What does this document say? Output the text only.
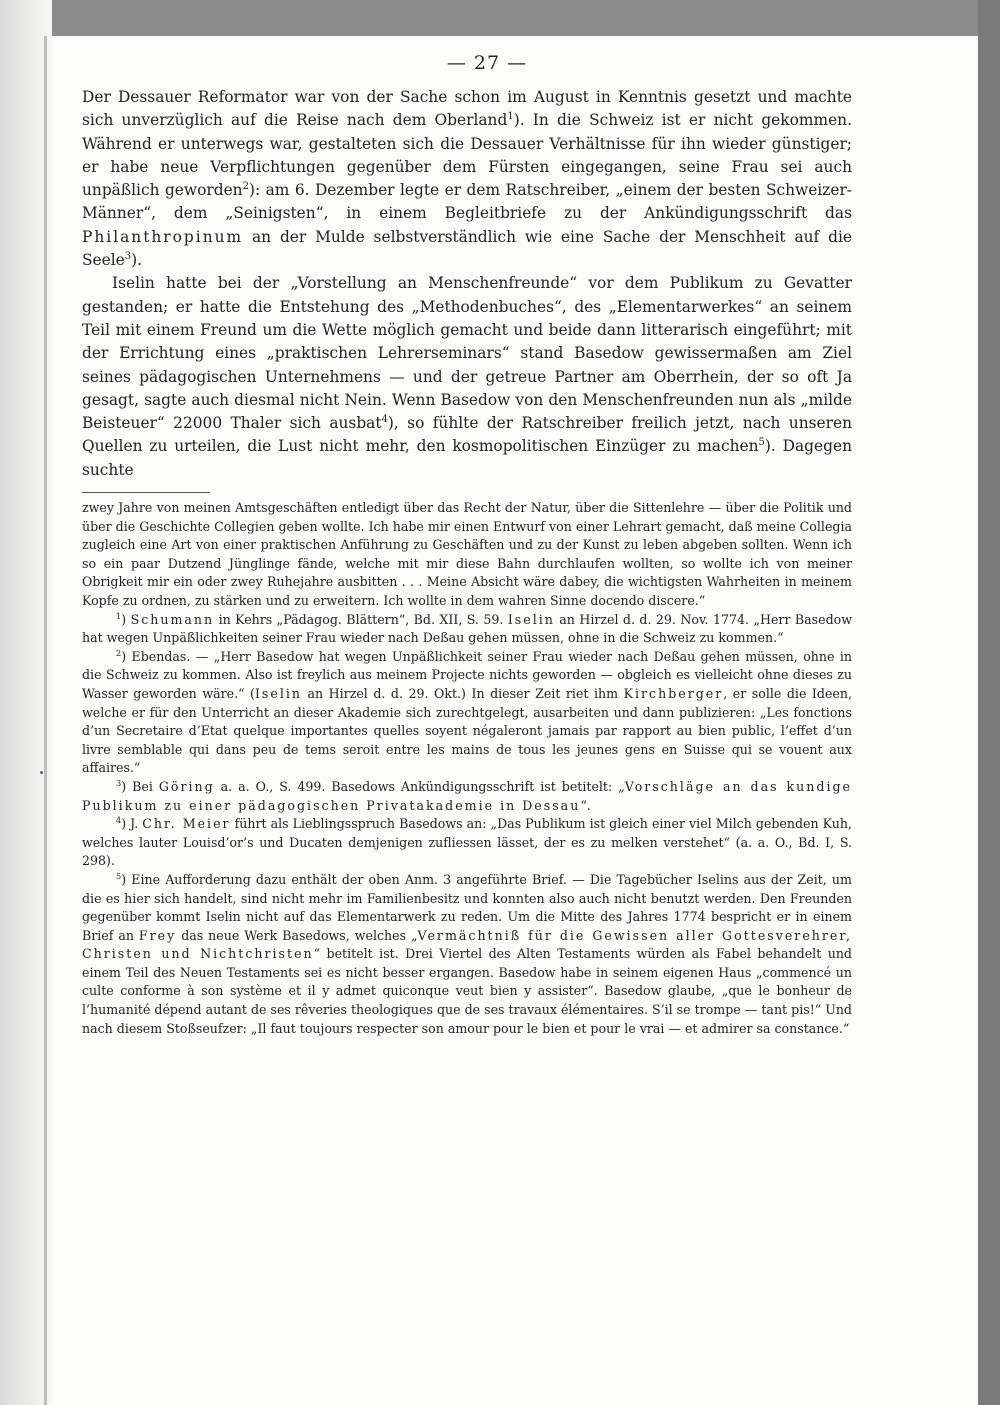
— 27 —

Der Dessauer Reformator war von der Sache schon im August in Kenntnis gesetzt und machte sich unverzüglich auf die Reise nach dem Oberland$^1$). In die Schweiz ist er nicht gekommen. Während er unterwegs war, gestalteten sich die Dessauer Verhältnisse für ihn wieder günstiger; er habe neue Verpflichtungen gegenüber dem Fürsten eingegangen, seine Frau sei auch unpäßlich geworden$^2$): am 6. Dezember legte er dem Ratschreiber, „einem der besten Schweizer-Männer“, dem „Seinigsten“, in einem Begleitbriefe zu der Ankündigungsschrift das Philanthropinum an der Mulde selbstverständlich wie eine Sache der Menschheit auf die Seele$^3$).

Iselin hatte bei der „Vorstellung an Menschenfreunde“ vor dem Publikum zu Gevatter gestanden; er hatte die Entstehung des „Methodenbuches“, des „Elementarwerkes“ an seinem Teil mit einem Freund um die Wette möglich gemacht und beide dann litterarisch eingeführt; mit der Errichtung eines „praktischen Lehrerseminars“ stand Basedow gewissermaßen am Ziel seines pädagogischen Unternehmens — und der getreue Partner am Oberrhein, der so oft Ja gesagt, sagte auch diesmal nicht Nein. Wenn Basedow von den Menschenfreunden nun als „milde Beisteuer“ 22000 Thaler sich ausbat$^4$), so fühlte der Ratschreiber freilich jetzt, nach unseren Quellen zu urteilen, die Lust nicht mehr, den kosmopolitischen Einzüger zu machen$^5$). Dagegen suchte

zwey Jahre von meinen Amtsgeschäften entledigt über das Recht der Natur, über die Sittenlehre — über die Politik und über die Geschichte Collegien geben wollte. Ich habe mir einen Entwurf von einer Lehrart gemacht, daß meine Collegia zugleich eine Art von einer praktischen Anführung zu Geschäften und zu der Kunst zu leben abgeben sollten. Wenn ich so ein paar Dutzend Jünglinge fände, welche mit mir diese Bahn durchlaufen wollten, so wollte ich von meiner Obrigkeit mir ein oder zwey Ruhejahre ausbitten . . . Meine Absicht wäre dabey, die wichtigsten Wahrheiten in meinem Kopfe zu ordnen, zu stärken und zu erweitern. Ich wollte in dem wahren Sinne docendo discere.“

$^1$) Schumann in Kehrs „Pädagog. Blättern“, Bd. XII, S. 59. Iselin an Hirzel d. d. 29. Nov. 1774. „Herr Basedow hat wegen Unpäßlichkeiten seiner Frau wieder nach Deßau gehen müssen, ohne in die Schweiz zu kommen.“

$^2$) Ebendas. — „Herr Basedow hat wegen Unpäßlichkeit seiner Frau wieder nach Deßau gehen müssen, ohne in die Schweiz zu kommen. Also ist freylich aus meinem Projecte nichts geworden — obgleich es vielleicht ohne dieses zu Wasser geworden wäre.“ (Iselin an Hirzel d. d. 29. Okt.) In dieser Zeit riet ihm Kirchberger, er solle die Ideen, welche er für den Unterricht an dieser Akademie sich zurechtgelegt, ausarbeiten und dann publizieren: „Les fonctions d’un Secretaire d’Etat quelque importantes quelles soyent négaleront jamais par rapport au bien public, l’effet d’un livre semblable qui dans peu de tems seroit entre les mains de tous les jeunes gens en Suisse qui se vouent aux affaires.“

$^3$) Bei Göring a. a. O., S. 499. Basedows Ankündigungsschrift ist betitelt: „Vorschläge an das kundige Publikum zu einer pädagogischen Privatakademie in Dessau“.

$^4$) J. Chr. Meier führt als Lieblingsspruch Basedows an: „Das Publikum ist gleich einer viel Milch gebenden Kuh, welches lauter Louisd’or’s und Ducaten demjenigen zufliessen lässet, der es zu melken verstehet“ (a. a. O., Bd. I, S. 298).

$^5$) Eine Aufforderung dazu enthält der oben Anm. 3 angeführte Brief. — Die Tagebücher Iselins aus der Zeit, um die es hier sich handelt, sind nicht mehr im Familienbesitz und konnten also auch nicht benutzt werden. Den Freunden gegenüber kommt Iselin nicht auf das Elementarwerk zu reden. Um die Mitte des Jahres 1774 bespricht er in einem Brief an Frey das neue Werk Basedows, welches „Vermächtniß für die Gewissen aller Gottesverehrer, Christen und Nichtchristen“ betitelt ist. Drei Viertel des Alten Testaments würden als Fabel behandelt und einem Teil des Neuen Testaments sei es nicht besser ergangen. Basedow habe in seinem eigenen Haus „commencé un culte conforme à son système et il y admet quiconque veut bien y assister“. Basedow glaube, „que le bonheur de l’humanité dépend autant de ses rêveries theologiques que de ses travaux élémentaires. S’il se trompe — tant pis!“ Und nach diesem Stoßseufzer: „Il faut toujours respecter son amour pour le bien et pour le vrai — et admirer sa constance.“
